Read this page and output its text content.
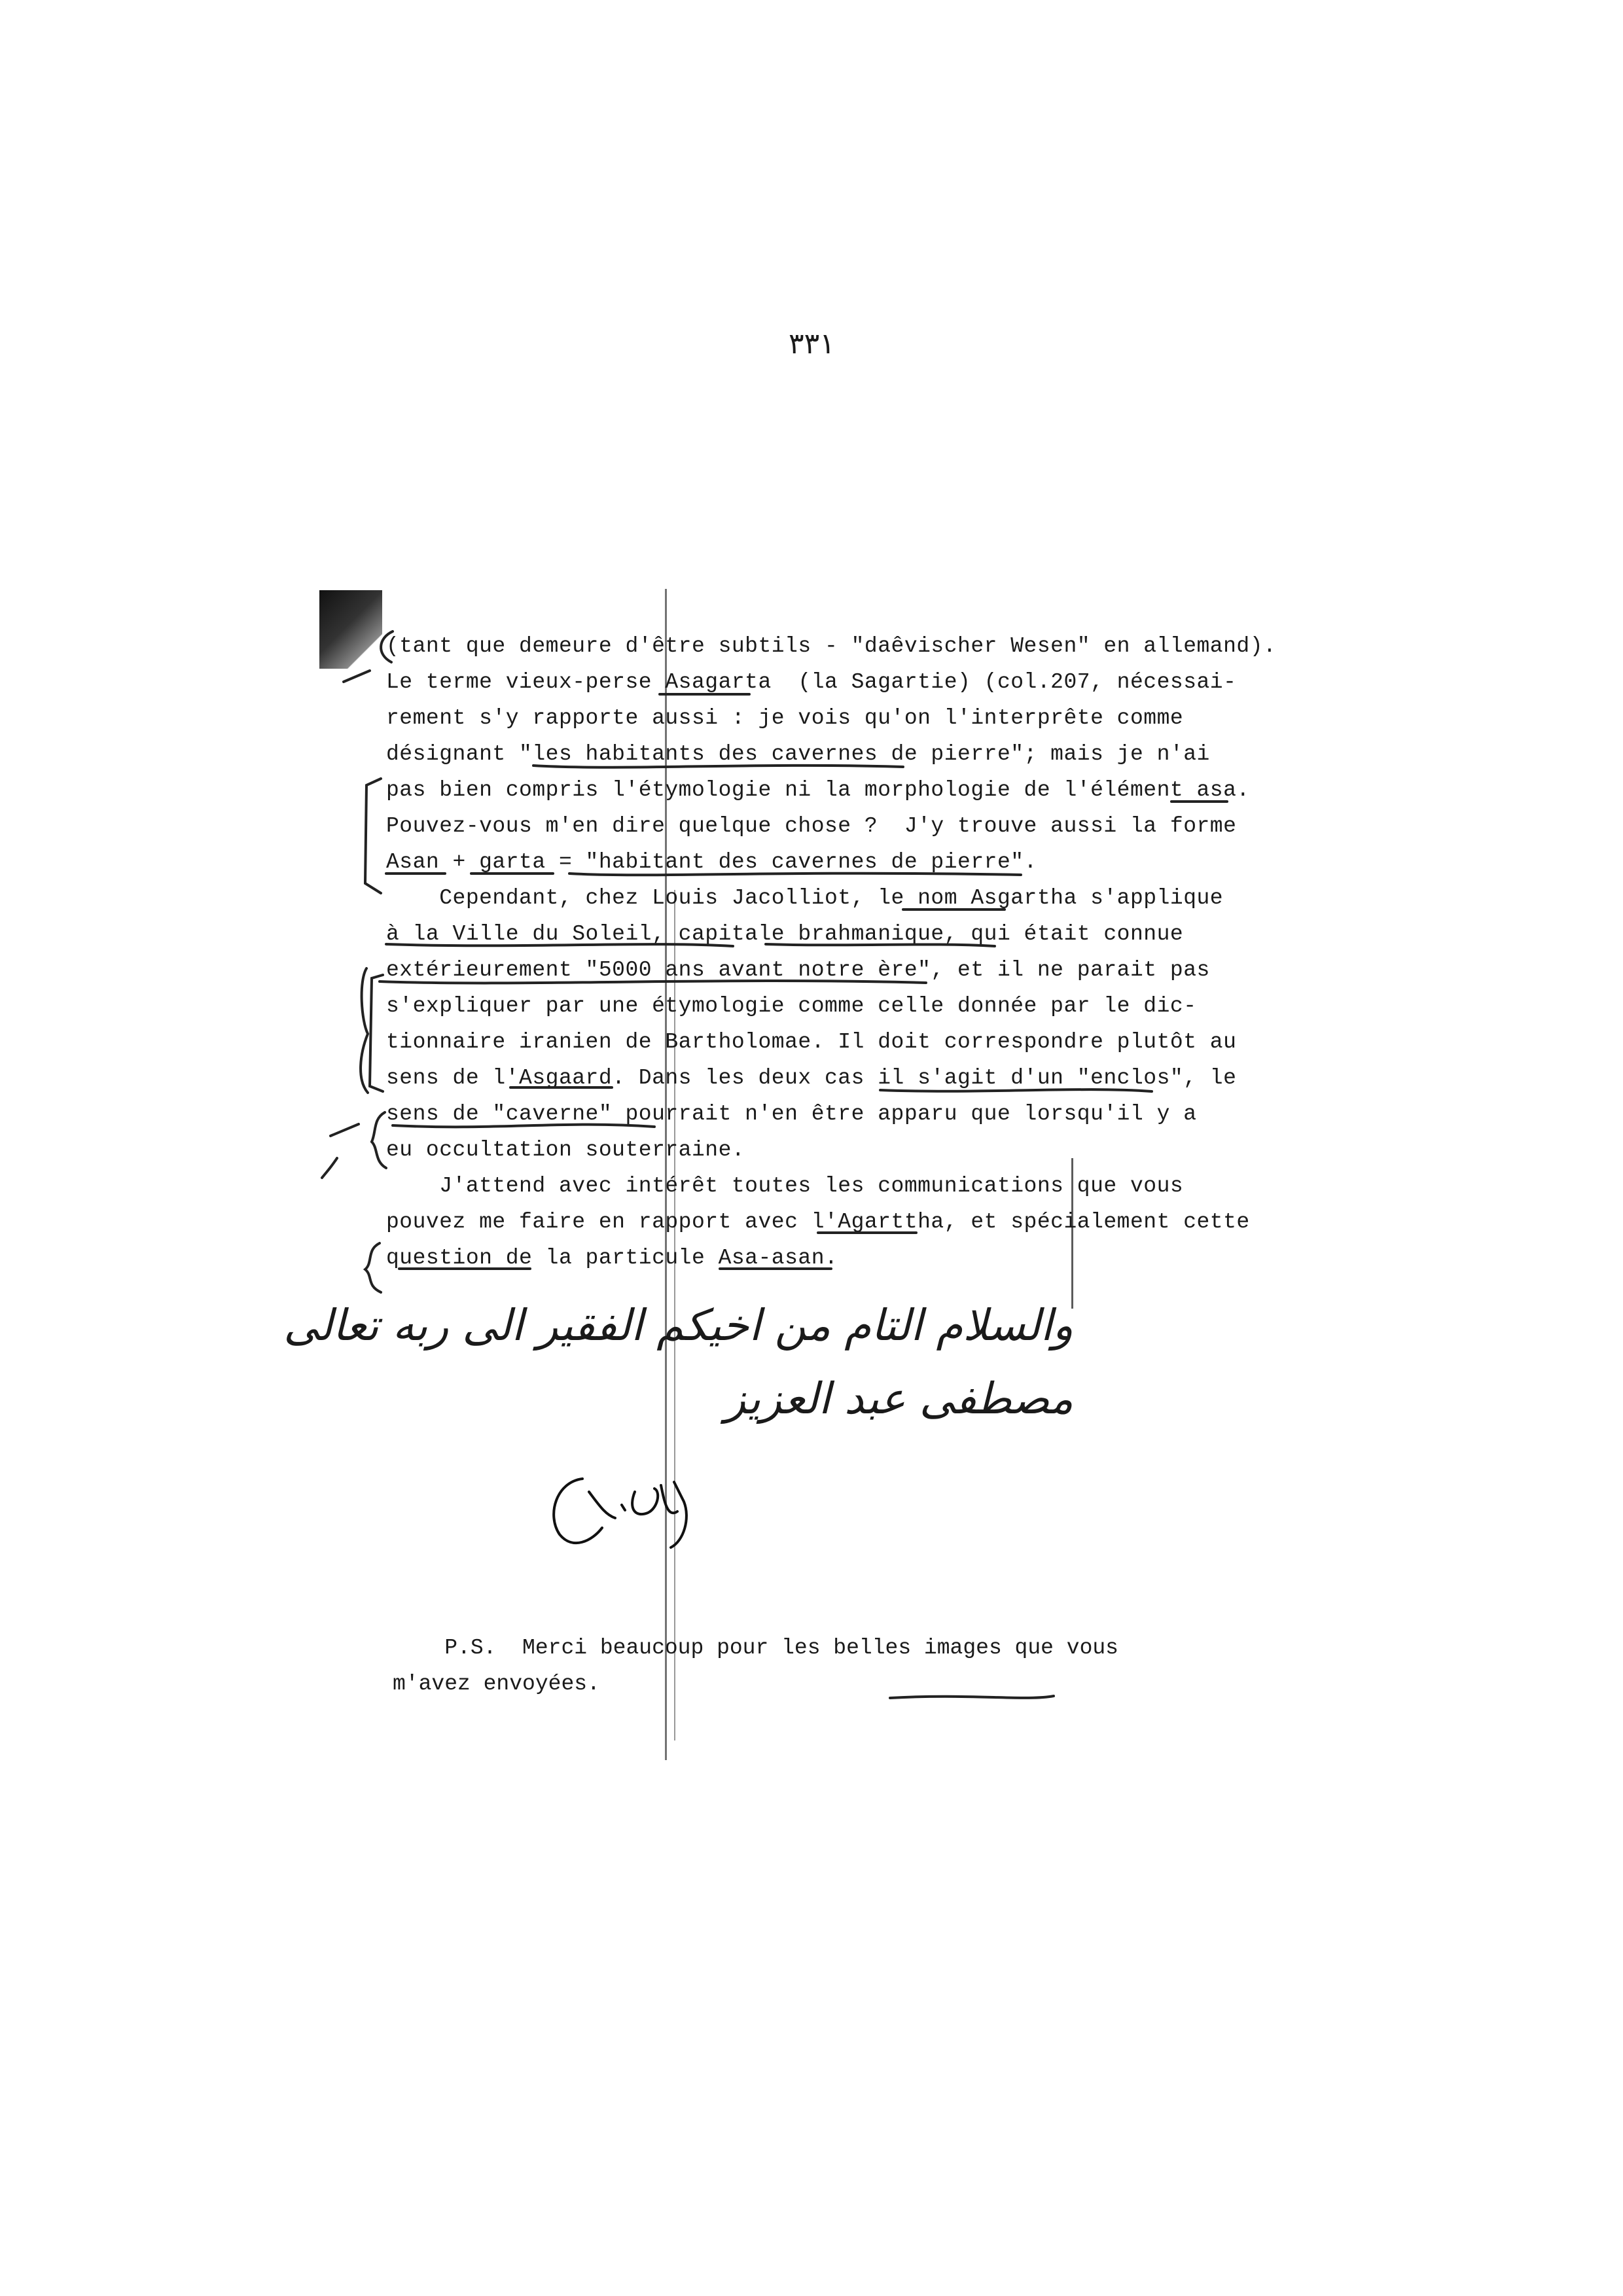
٣٣١
(tant que demeure d'être subtils - "daêvischer Wesen" en allemand).
Le terme vieux-perse Asagarta  (la Sagartie) (col.207, nécessai-
rement s'y rapporte aussi : je vois qu'on l'interprête comme
désignant "les habitants des cavernes de pierre"; mais je n'ai
pas bien compris l'étymologie ni la morphologie de l'élément asa.
Pouvez-vous m'en dire quelque chose ?  J'y trouve aussi la forme
Asan + garta = "habitant des cavernes de pierre".
Cependant, chez Louis Jacolliot, le nom Asgartha s'applique
à la Ville du Soleil, capitale brahmanique, qui était connue
extérieurement "5000 ans avant notre ère", et il ne parait pas
s'expliquer par une étymologie comme celle donnée par le dic-
tionnaire iranien de Bartholomae. Il doit correspondre plutôt au
sens de l'Asgaard. Dans les deux cas il s'agit d'un "enclos", le
sens de "caverne" pourrait n'en être apparu que lorsqu'il y a
eu occultation souterraine.
J'attend avec intérêt toutes les communications que vous
pouvez me faire en rapport avec l'Agarttha, et spécialement cette
question de la particule Asa-asan.
والسلام التام من اخيكم الفقير الى ربه تعالى
مصطفى عبد العزيز
P.S.  Merci beaucoup pour les belles images que vous
m'avez envoyées.
